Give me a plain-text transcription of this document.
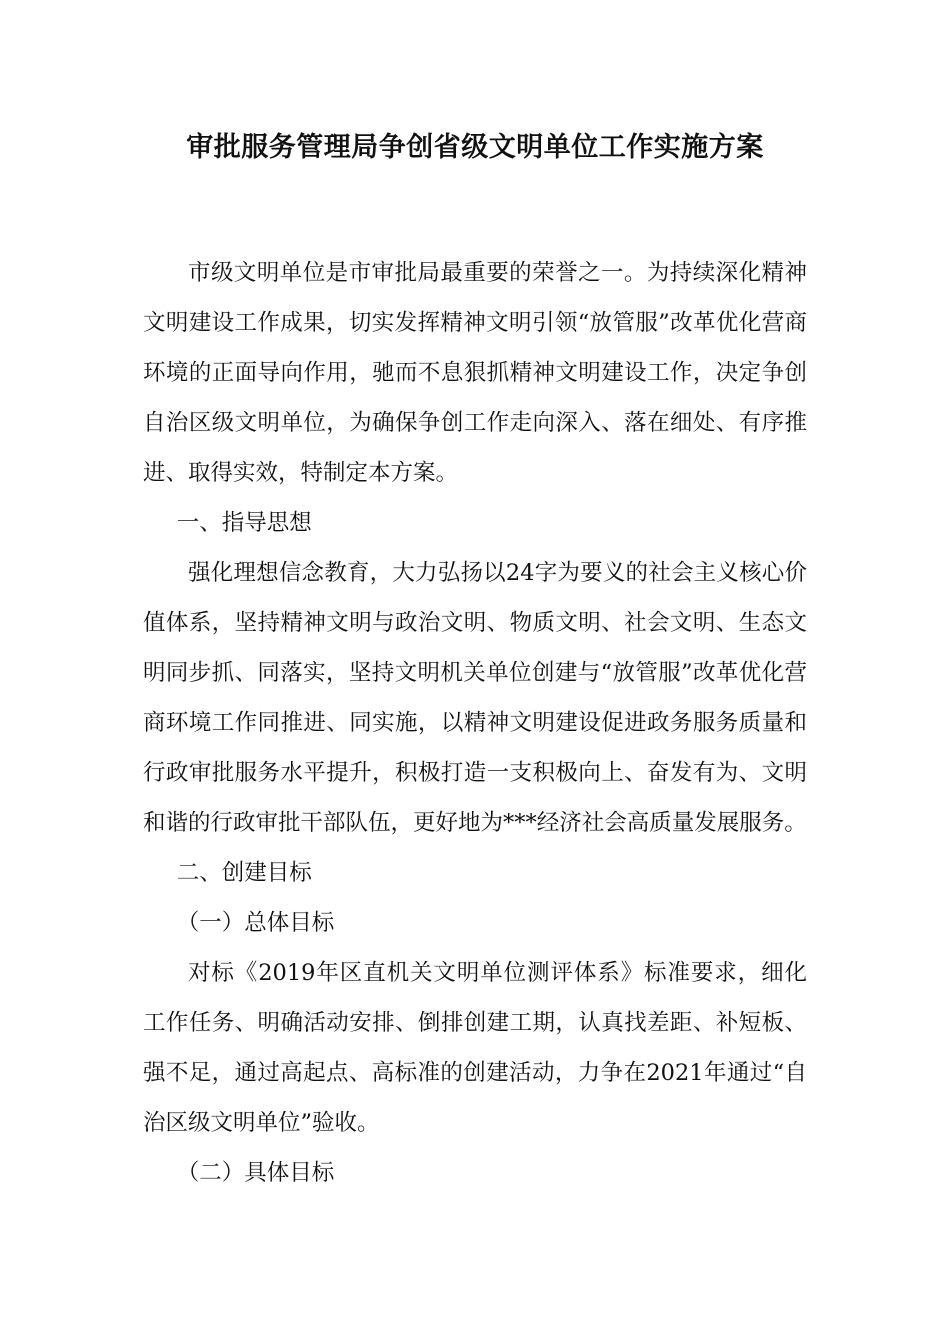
审批服务管理局争创省级文明单位工作实施方案

市级文明单位是市审批局最重要的荣誉之一。为持续深化精神文明建设工作成果，切实发挥精神文明引领“放管服”改革优化营商环境的正面导向作用，驰而不息狠抓精神文明建设工作，决定争创自治区级文明单位，为确保争创工作走向深入、落在细处、有序推进、取得实效，特制定本方案。

一、指导思想

强化理想信念教育，大力弘扬以24字为要义的社会主义核心价值体系，坚持精神文明与政治文明、物质文明、社会文明、生态文明同步抓、同落实，坚持文明机关单位创建与“放管服”改革优化营商环境工作同推进、同实施，以精神文明建设促进政务服务质量和行政审批服务水平提升，积极打造一支积极向上、奋发有为、文明和谐的行政审批干部队伍，更好地为***经济社会高质量发展服务。

二、创建目标

（一）总体目标

对标《2019年区直机关文明单位测评体系》标准要求，细化工作任务、明确活动安排、倒排创建工期，认真找差距、补短板、强不足，通过高起点、高标准的创建活动，力争在2021年通过“自治区级文明单位”验收。

（二）具体目标
